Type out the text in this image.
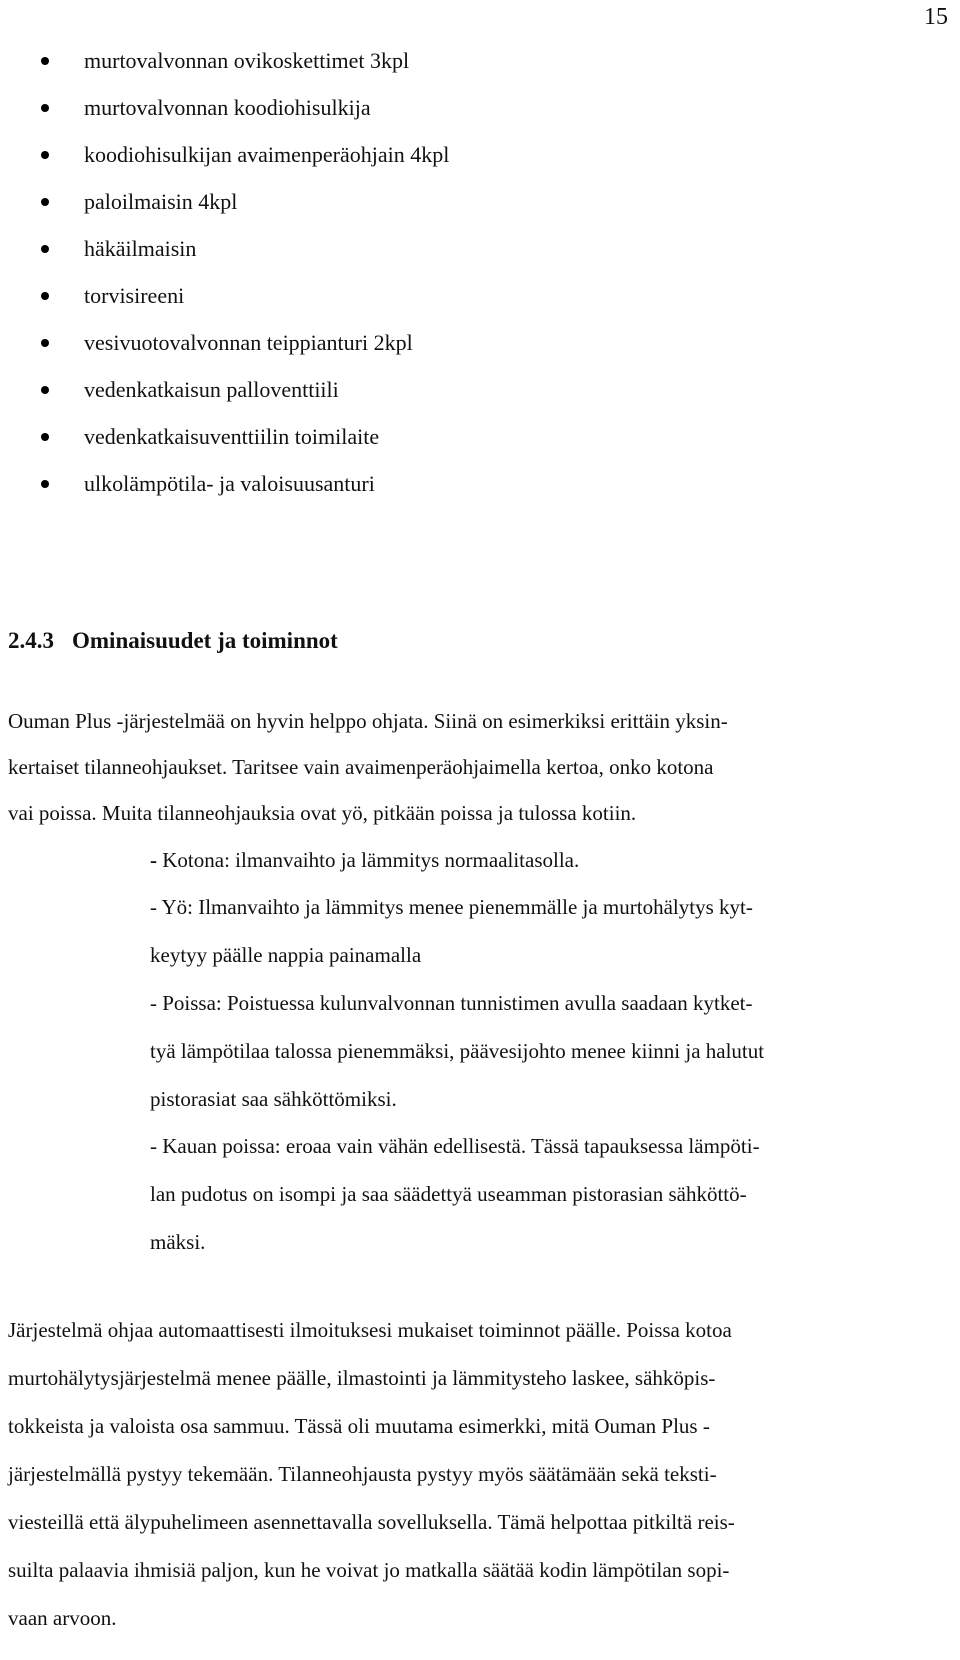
15
murtovalvonnan ovikoskettimet 3kpl
murtovalvonnan koodiohisulkija
koodiohisulkijan avaimenperäohjain 4kpl
paloilmaisin 4kpl
häkäilmaisin
torvisireeni
vesivuotovalvonnan teippianturi 2kpl
vedenkatkaisun palloventtiili
vedenkatkaisuventtiilin toimilaite
ulkolämpötila- ja valoisuusanturi
2.4.3 Ominaisuudet ja toiminnot
Ouman Plus -järjestelmää on hyvin helppo ohjata. Siinä on esimerkiksi erittäin yksin-
kertaiset tilanneohjaukset. Taritsee vain avaimenperäohjaimella kertoa, onko kotona
vai poissa. Muita tilanneohjauksia ovat yö, pitkään poissa ja tulossa kotiin.
- Kotona: ilmanvaihto ja lämmitys normaalitasolla.
- Yö: Ilmanvaihto ja lämmitys menee pienemmälle ja murtohälytys kyt-
keytyy päälle nappia painamalla
- Poissa: Poistuessa kulunvalvonnan tunnistimen avulla saadaan kytket-
tyä lämpötilaa talossa pienemmäksi, päävesijohto menee kiinni ja halutut
pistorasiat saa sähköttömiksi.
- Kauan poissa: eroaa vain vähän edellisestä. Tässä tapauksessa lämpöti-
lan pudotus on isompi ja saa säädettyä useamman pistorasian sähköttö-
mäksi.
Järjestelmä ohjaa automaattisesti ilmoituksesi mukaiset toiminnot päälle. Poissa kotoa
murtohälytysjärjestelmä menee päälle, ilmastointi ja lämmitysteho laskee, sähköpis-
tokkeista ja valoista osa sammuu. Tässä oli muutama esimerkki, mitä Ouman Plus -
järjestelmällä pystyy tekemään. Tilanneohjausta pystyy myös säätämään sekä teksti-
viesteillä että älypuhelimeen asennettavalla sovelluksella. Tämä helpottaa pitkiltä reis-
suilta palaavia ihmisiä paljon, kun he voivat jo matkalla säätää kodin lämpötilan sopi-
vaan arvoon.
